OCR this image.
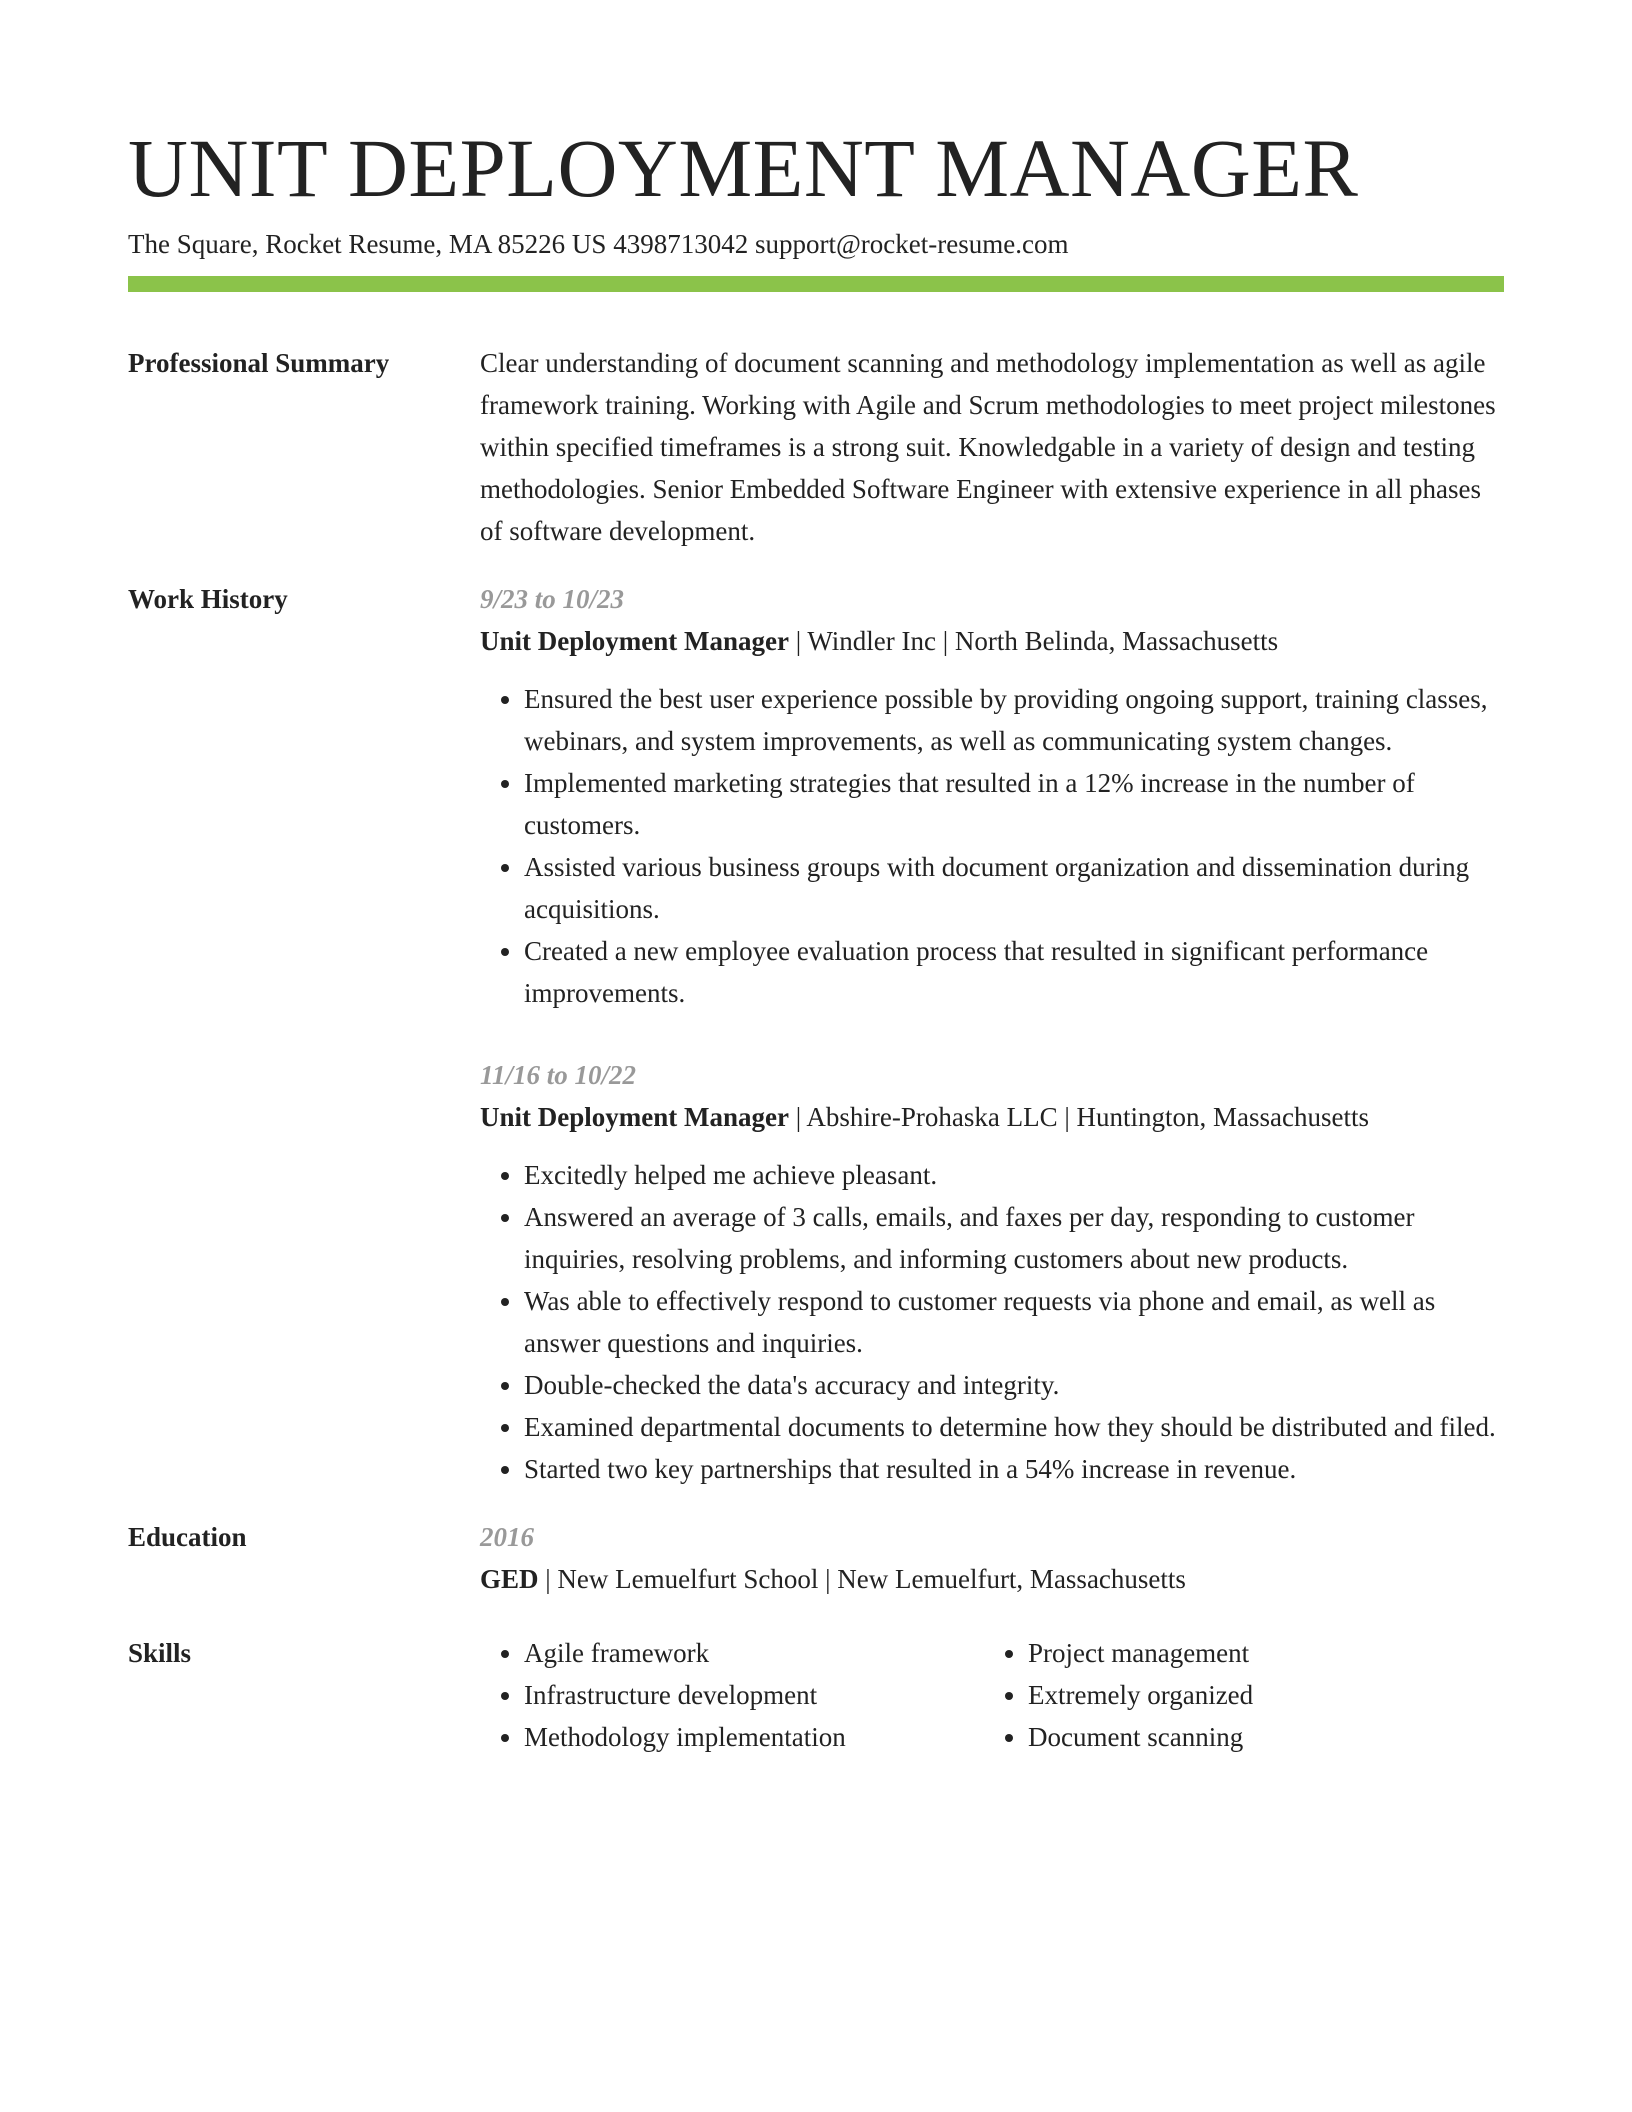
UNIT DEPLOYMENT MANAGER
The Square, Rocket Resume, MA 85226 US 4398713042 support@rocket-resume.com
Professional Summary	Clear understanding of document scanning and methodology implementation as well as agile framework training. Working with Agile and Scrum methodologies to meet project milestones within specified timeframes is a strong suit. Knowledgable in a variety of design and testing methodologies. Senior Embedded Software Engineer with extensive experience in all phases of software development.
Work History	9/23 to 10/23
Unit Deployment Manager | Windler Inc | North Belinda, Massachusetts
• Ensured the best user experience possible by providing ongoing support, training classes, webinars, and system improvements, as well as communicating system changes.
• Implemented marketing strategies that resulted in a 12% increase in the number of customers.
• Assisted various business groups with document organization and dissemination during acquisitions.
• Created a new employee evaluation process that resulted in significant performance improvements.
11/16 to 10/22
Unit Deployment Manager | Abshire-Prohaska LLC | Huntington, Massachusetts
• Excitedly helped me achieve pleasant.
• Answered an average of 3 calls, emails, and faxes per day, responding to customer inquiries, resolving problems, and informing customers about new products.
• Was able to effectively respond to customer requests via phone and email, as well as answer questions and inquiries.
• Double-checked the data's accuracy and integrity.
• Examined departmental documents to determine how they should be distributed and filed.
• Started two key partnerships that resulted in a 54% increase in revenue.
Education	2016
GED | New Lemuelfurt School | New Lemuelfurt, Massachusetts
Skills
•	Agile framework
• Infrastructure development
• Methodology implementation
• Project management
• Extremely organized
• Document scanning
